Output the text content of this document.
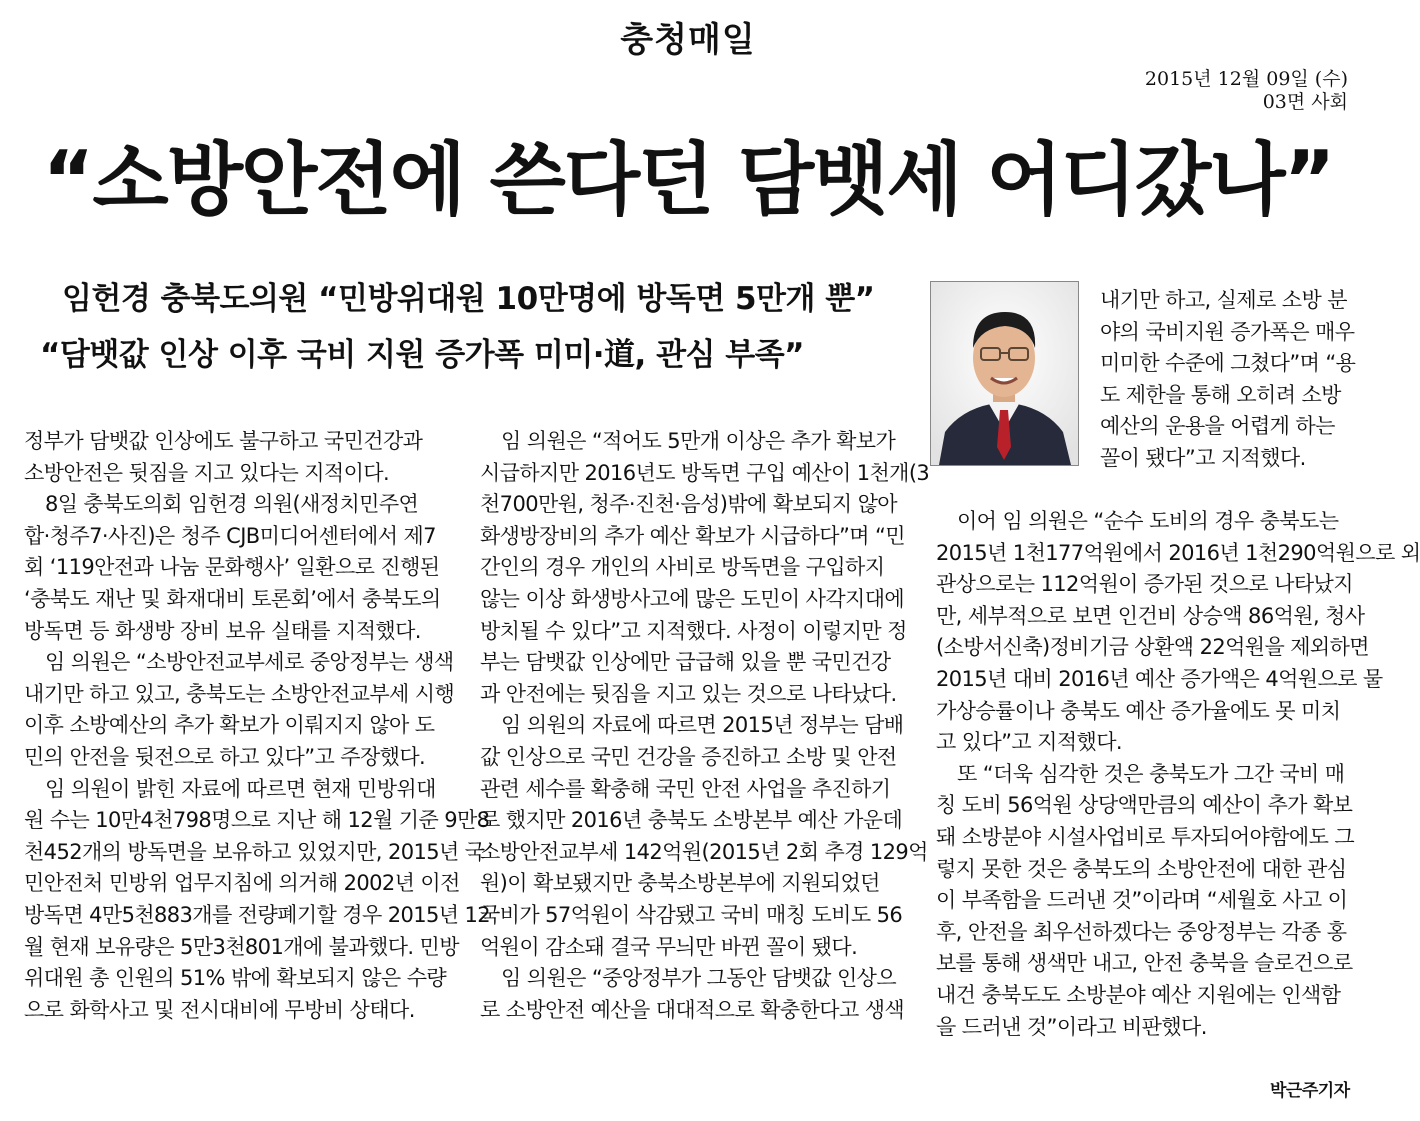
충청매일
2015년 12월 09일 (수)
03면 사회
“소방안전에 쓴다던 담뱃세 어디갔나”
임헌경 충북도의원 “민방위대원 10만명에 방독면 5만개 뿐”
“담뱃값 인상 이후 국비 지원 증가폭 미미·道, 관심 부족”

정부가 담뱃값 인상에도 불구하고 국민건강과

소방안전은 뒷짐을 지고 있다는 지적이다.

8일 충북도의회 임헌경 의원(새정치민주연

합·청주7·사진)은 청주 CJB미디어센터에서 제7

회 ‘119안전과 나눔 문화행사’ 일환으로 진행된

‘충북도 재난 및 화재대비 토론회’에서 충북도의

방독면 등 화생방 장비 보유 실태를 지적했다.

임 의원은 “소방안전교부세로 중앙정부는 생색

내기만 하고 있고, 충북도는 소방안전교부세 시행

이후 소방예산의 추가 확보가 이뤄지지 않아 도

민의 안전을 뒷전으로 하고 있다”고 주장했다.

임 의원이 밝힌 자료에 따르면 현재 민방위대

원 수는 10만4천798명으로 지난 해 12월 기준 9만8

천452개의 방독면을 보유하고 있었지만, 2015년 국

민안전처 민방위 업무지침에 의거해 2002년 이전

방독면 4만5천883개를 전량폐기할 경우 2015년 12

월 현재 보유량은 5만3천801개에 불과했다. 민방

위대원 총 인원의 51% 밖에 확보되지 않은 수량

으로 화학사고 및 전시대비에 무방비 상태다.

임 의원은 “적어도 5만개 이상은 추가 확보가

시급하지만 2016년도 방독면 구입 예산이 1천개(3

천700만원, 청주·진천·음성)밖에 확보되지 않아

화생방장비의 추가 예산 확보가 시급하다”며 “민

간인의 경우 개인의 사비로 방독면을 구입하지

않는 이상 화생방사고에 많은 도민이 사각지대에

방치될 수 있다”고 지적했다. 사정이 이렇지만 정

부는 담뱃값 인상에만 급급해 있을 뿐 국민건강

과 안전에는 뒷짐을 지고 있는 것으로 나타났다.

임 의원의 자료에 따르면 2015년 정부는 담배

값 인상으로 국민 건강을 증진하고 소방 및 안전

관련 세수를 확충해 국민 안전 사업을 추진하기

로 했지만 2016년 충북도 소방본부 예산 가운데

소방안전교부세 142억원(2015년 2회 추경 129억

원)이 확보됐지만 충북소방본부에 지원되었던

국비가 57억원이 삭감됐고 국비 매칭 도비도 56

억원이 감소돼 결국 무늬만 바뀐 꼴이 됐다.

임 의원은 “중앙정부가 그동안 담뱃값 인상으

로 소방안전 예산을 대대적으로 확충한다고 생색

내기만 하고, 실제로 소방 분

야의 국비지원 증가폭은 매우

미미한 수준에 그쳤다”며 “용

도 제한을 통해 오히려 소방

예산의 운용을 어렵게 하는

꼴이 됐다”고 지적했다.

이어 임 의원은 “순수 도비의 경우 충북도는

2015년 1천177억원에서 2016년 1천290억원으로 외

관상으로는 112억원이 증가된 것으로 나타났지

만, 세부적으로 보면 인건비 상승액 86억원, 청사

(소방서신축)정비기금 상환액 22억원을 제외하면

2015년 대비 2016년 예산 증가액은 4억원으로 물

가상승률이나 충북도 예산 증가율에도 못 미치

고 있다”고 지적했다.

또 “더욱 심각한 것은 충북도가 그간 국비 매

칭 도비 56억원 상당액만큼의 예산이 추가 확보

돼 소방분야 시설사업비로 투자되어야함에도 그

렇지 못한 것은 충북도의 소방안전에 대한 관심

이 부족함을 드러낸 것”이라며 “세월호 사고 이

후, 안전을 최우선하겠다는 중앙정부는 각종 홍

보를 통해 생색만 내고, 안전 충북을 슬로건으로

내건 충북도도 소방분야 예산 지원에는 인색함

을 드러낸 것”이라고 비판했다.

박근주기자
